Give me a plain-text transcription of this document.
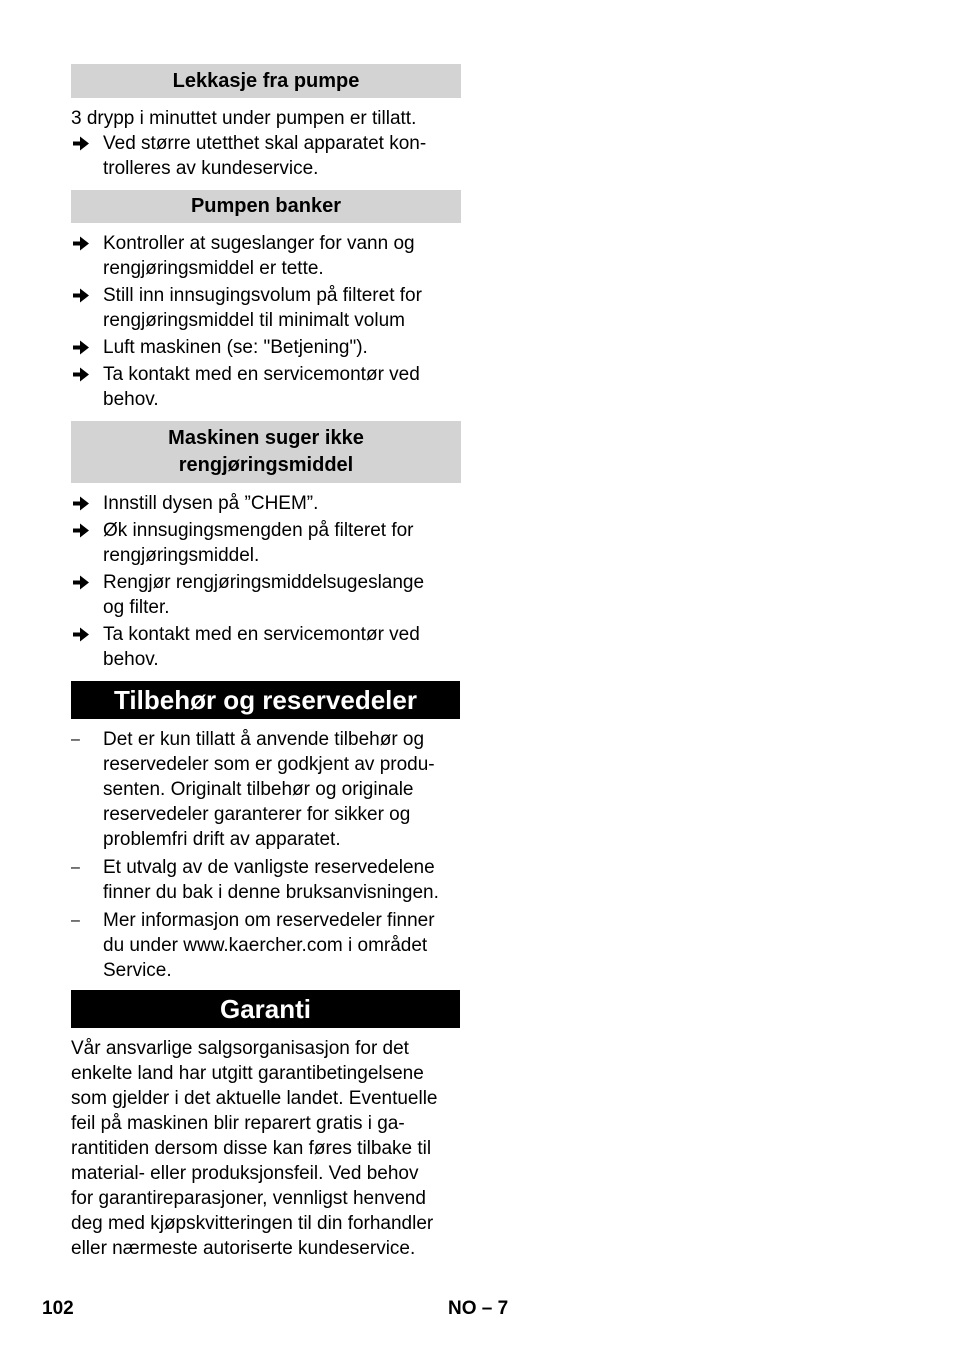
Lekkasje fra pumpe
3 drypp i minuttet under pumpen er tillatt.
Ved større utetthet skal apparatet kon-
trolleres av kundeservice.
Pumpen banker
Kontroller at sugeslanger for vann og
rengjøringsmiddel er tette.
Still inn innsugingsvolum på filteret for
rengjøringsmiddel til minimalt volum
Luft maskinen (se: "Betjening").
Ta kontakt med en servicemontør ved
behov.
Maskinen suger ikke
rengjøringsmiddel
Innstill dysen på ”CHEM”.
Øk innsugingsmengden på filteret for
rengjøringsmiddel.
Rengjør rengjøringsmiddelsugeslange
og filter.
Ta kontakt med en servicemontør ved
behov.
Tilbehør og reservedeler
– Det er kun tillatt å anvende tilbehør og
reservedeler som er godkjent av produ-
senten. Originalt tilbehør og originale
reservedeler garanterer for sikker og
problemfri drift av apparatet.
– Et utvalg av de vanligste reservedelene
finner du bak i denne bruksanvisningen.
– Mer informasjon om reservedeler finner
du under www.kaercher.com i området
Service.
Garanti
Vår ansvarlige salgsorganisasjon for det
enkelte land har utgitt garantibetingelsene
som gjelder i det aktuelle landet. Eventuelle
feil på maskinen blir reparert gratis i ga-
rantitiden dersom disse kan føres tilbake til
material- eller produksjonsfeil. Ved behov
for garantireparasjoner, vennligst henvend
deg med kjøpskvitteringen til din forhandler
eller nærmeste autoriserte kundeservice.
102	NO – 7
